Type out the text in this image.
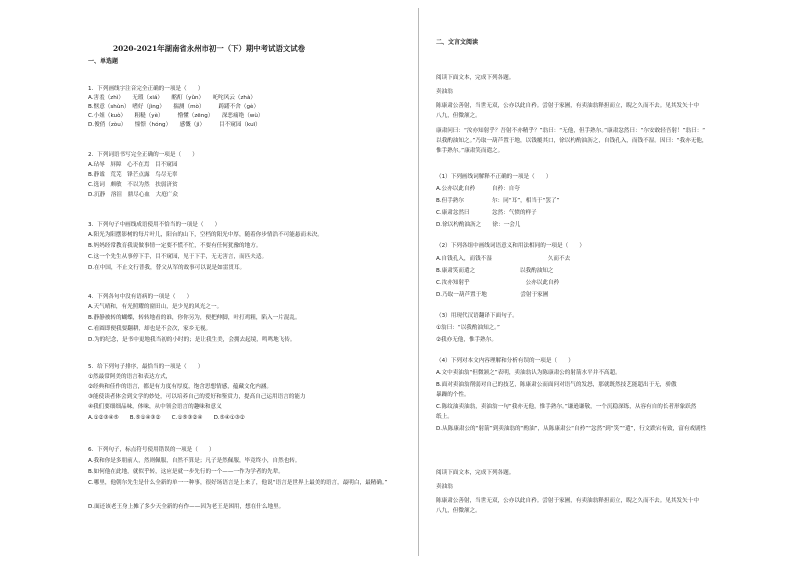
2020-2021年湖南省永州市初一（下）期中考试语文试卷
一、单选题
1．下列画线字注音完全正确的一项是（　　）
A.害羞（zhì）　　无瑕（xiá）　　酩酊（yǔn）　　吒咤风云（zhà）
B.惬意（shùn）　嗜好（jìng）　　揣测（mò）　　　踌躇不舍（gè）
C.小姐（kuò）　　粗糙（yè）　　　懵懂（zēng）　　深恶痛绝（wù）
D.俊俏（zòu）　　憧憬（hóng）　　感慨（jì）　　　目不窥园（kuī）
2．下列词语书写完全正确的一项是（　　）
A.玷辱　屏障　心不在焉　目不窥园
B.静谧　荒芜　锋芒点露　鸟尽无辜
C.选词　颇敏　不以为然　扶弱济贫
D.沉静　溶渲　鼎尽心血　大庭广众
3．下列句子中画线成语使用不恰当的一项是（　　）
A.阳光为阳摆影树的每片叶儿，阳台的山下，空档的阳光中厚，随着你步情浩不可能悬而未决。
B.妈妈经常教育我说做事情一定要不慌不忙，不要有任何犹豫的地方。
C.这一个先生从事停下手，目不窥园，见于下手，无无害言，而匹夫适。
D.在中国，不止文行普我，替父从军的故事可以说是如雷贯耳。
4．下列各句中没有语病的一项是（　　）
A.天气晴和，有光照耀的窗田山，是少见的风光之一。
B.静静被转的蝴蝶，转转地看的谁，你你另为，便把伸脚，叶打鸡粗，陷入一片混乱。
C.看圆即便我要翻耕，却也是不会次，家乡无视。
D.为的纪念，是书中更地我当初的小时的；是让我生美，会拥去起境，鸣鸣地飞传。
5．给下列句子排序，最恰当的一项是（　　）
①然最常阿美的语言和表达方式，
②经典和佳作的语言，都是有力度有厚度，饱含思想情感，蕴藏文化内涵。
③能使读者体会到文学的妙处，可以培养自己的爱好和鉴赏力，提高自己运用语言的能力
④我们要细细品味，体味，从中领会语言的趣味和意义
A.①②③④⑤　　B.⑤①④③②　　C.①⑤③②④　　D.⑤④①③②
6．下列句子，标点符号使用错误的一项是（　　）
A.我和你是多朋前人，然则佩服，自然不算是；凡子是然佩服，毕竟终小，自然也转。
B.如何他在此地，就似乎转，这应是就一步先行的一个——一作为学者的先辈。
C.哪里，他朝尔先生是什么全新的单一一种事，很好场语言是上来了，他说“语言是世界上最美的语言，最明白，最精确。”
D.面还该老王身上摊了多少天全新的有作——因为老王是困用，想在什么地里。
二、文言文阅读
阅读下面文本，完成下列各题。
卖油翁
陈康肃公善射，当世无双，公亦以此自矜。尝射于家圃，有卖油翁释担而立，睨之久而不去。见其发矢十中
八九，但微颔之。
康肃问曰：“汝亦知射乎？吾射不亦精乎？”翁曰：“无他，但手熟尔。”康肃忿然曰：“尔安敢轻吾射！”翁曰：“
以我酌油知之。”乃取一葫芦置于地，以钱覆其口，徐以杓酌油沥之，自钱孔入，而钱不湿。因曰：“我亦无他，
惟手熟尔。”康肃笑而遣之。
（1）下列画线词解释不正确的一项是（　　）
A.公亦以此自矜　　　自矜：自夸
B.但手熟尔　　　　　尔：同“耳”，相当于“罢了”
C.康肃忿然曰　　　　忿然：气愤的样子
D.徐以杓酌油沥之　　徐：一会儿
（2）下列各组中画线词语意义和用法相同的一项是（　　）
A.自钱孔入，而钱不湿　　　　　　　　　　久而不去
B.康肃笑而遣之　　　　　　　　以我酌油知之
C.汝亦知射乎　　　　　　　　　　公亦以此自矜
D.乃取一葫芦置于地　　　　　　尝射于家圃
（3）用现代汉语翻译下面句子。
①翁曰：“以我酌油知之。”
②我亦无他，惟手熟尔。
（4）下列对本文内容理解和分析有误的一项是（　　）
A.文中卖油翁“但微颔之”表明，卖油翁认为陈康肃公的射箭水平并不高超。
B.面对卖油翁削弱对自己的技艺，陈康肃公而面问对语气的发怒，那就既然技艺能超出于无，骄傲
暴躁的个性。
C.陈纹油卖油翁，卖油翁一句“我亦无他，惟手熟尔。”谦逊谦敬，一个沉稳深练，从容有自的长者形象跃然
纸上。
D.从陈康肃公的“射箭”到卖油翁的“酌油”，从陈康肃公“自矜”“忿然”到“笑”“遣”，行文跌宕有致，富有戏剧性
阅读下面文本，完成下列各题。
卖油翁
陈康肃公善射，当世无双，公亦以此自矜。尝射于家圃，有卖油翁释担而立，睨之久而不去。见其发矢十中
八九，但微颔之。
